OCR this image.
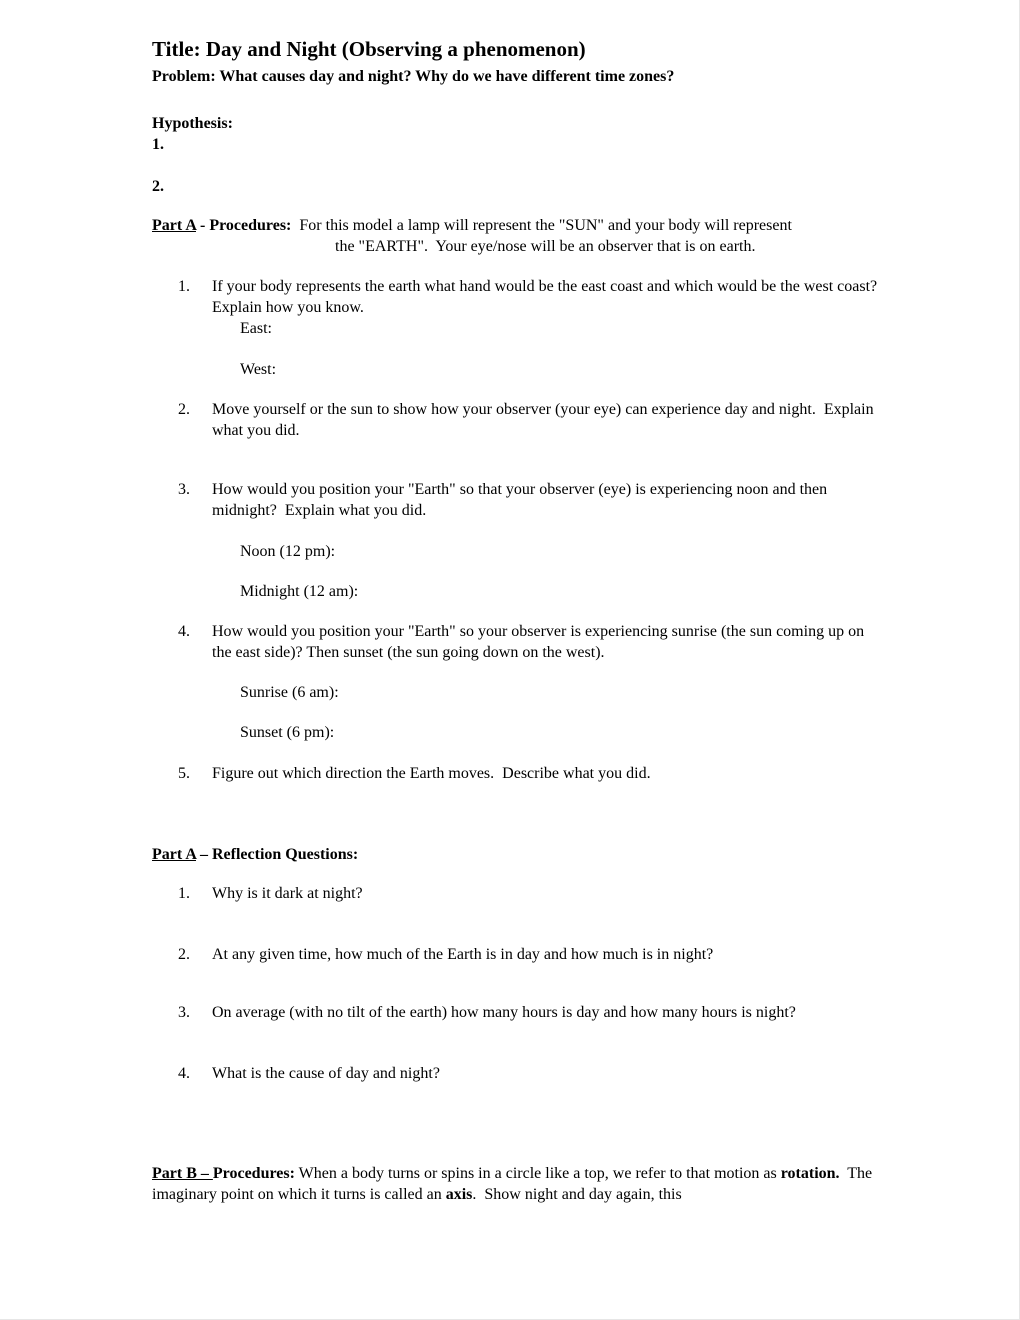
Title: Day and Night (Observing a phenomenon)

Problem: What causes day and night? Why do we have different time zones?

Hypothesis:

1.

2.

Part A - Procedures:  For this model a lamp will represent the "SUN" and your body will represent
the "EARTH".  Your eye/nose will be an observer that is on earth.
1.	If your body represents the earth what hand would be the east coast and which would be the west coast?  Explain how you know.
East:
West:
2.	Move yourself or the sun to show how your observer (your eye) can experience day and night.  Explain what you did.
3.	How would you position your "Earth" so that your observer (eye) is experiencing noon and then midnight?  Explain what you did.
Noon (12 pm):
Midnight (12 am):
4.	How would you position your "Earth" so your observer is experiencing sunrise (the sun coming up on the east side)? Then sunset (the sun going down on the west).
Sunrise (6 am):
Sunset (6 pm):
5.	Figure out which direction the Earth moves.  Describe what you did.
Part A – Reflection Questions:
1.	Why is it dark at night?
2.	At any given time, how much of the Earth is in day and how much is in night?
3.	On average (with no tilt of the earth) how many hours is day and how many hours is night?
4.	What is the cause of day and night?

Part B – Procedures: When a body turns or spins in a circle like a top, we refer to that motion as rotation.  The imaginary point on which it turns is called an axis.  Show night and day again, this
